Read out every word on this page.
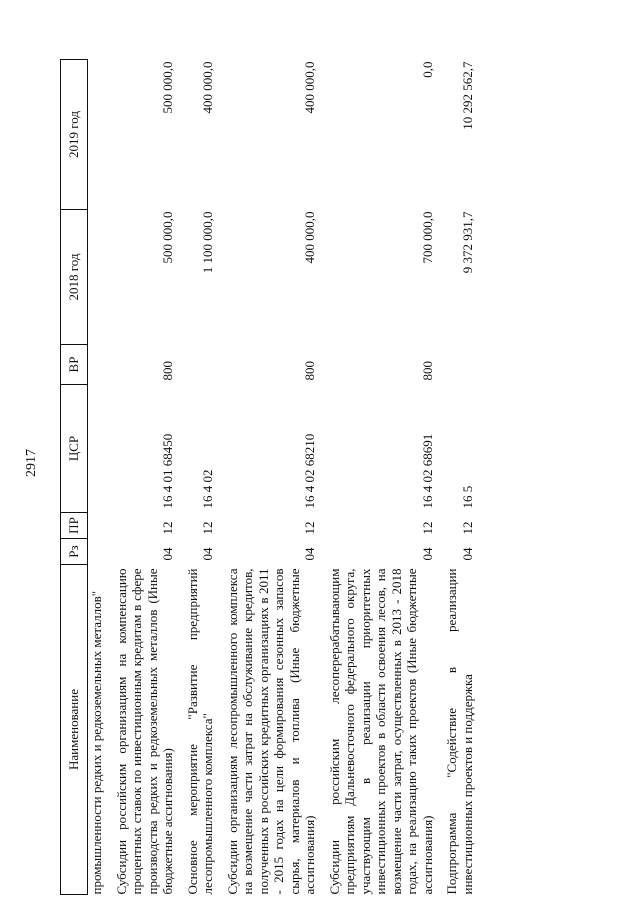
2917
Наименование	Рз	ПР	ЦСР	ВР	2018 год	2019 год
промышленности редких и редкоземельных металлов"						
Субсидии российским организациям на компенсацию процентных ставок по инвестиционным кредитам в сфере производства редких и редкоземельных металлов (Иные бюджетные ассигнования)	04	12	16 4 01 68450	800	500 000,0	500 000,0
Основное мероприятие "Развитие предприятий лесопромышленного комплекса"	04	12	16 4 02		1 100 000,0	400 000,0
Субсидии организациям лесопромышленного комплекса на возмещение части затрат на обслуживание кредитов, полученных в российских кредитных организациях в 2011 - 2015 годах на цели формирования сезонных запасов сырья, материалов и топлива (Иные бюджетные ассигнования)	04	12	16 4 02 68210	800	400 000,0	400 000,0
Субсидии российским лесоперерабатывающим предприятиям Дальневосточного федерального округа, участвующим в реализации приоритетных инвестиционных проектов в области освоения лесов, на возмещение части затрат, осуществленных в 2013 - 2018 годах, на реализацию таких проектов (Иные бюджетные ассигнования)	04	12	16 4 02 68691	800	700 000,0	0,0
Подпрограмма "Содействие в реализации инвестиционных проектов и поддержка	04	12	16 5		9 372 931,7	10 292 562,7
